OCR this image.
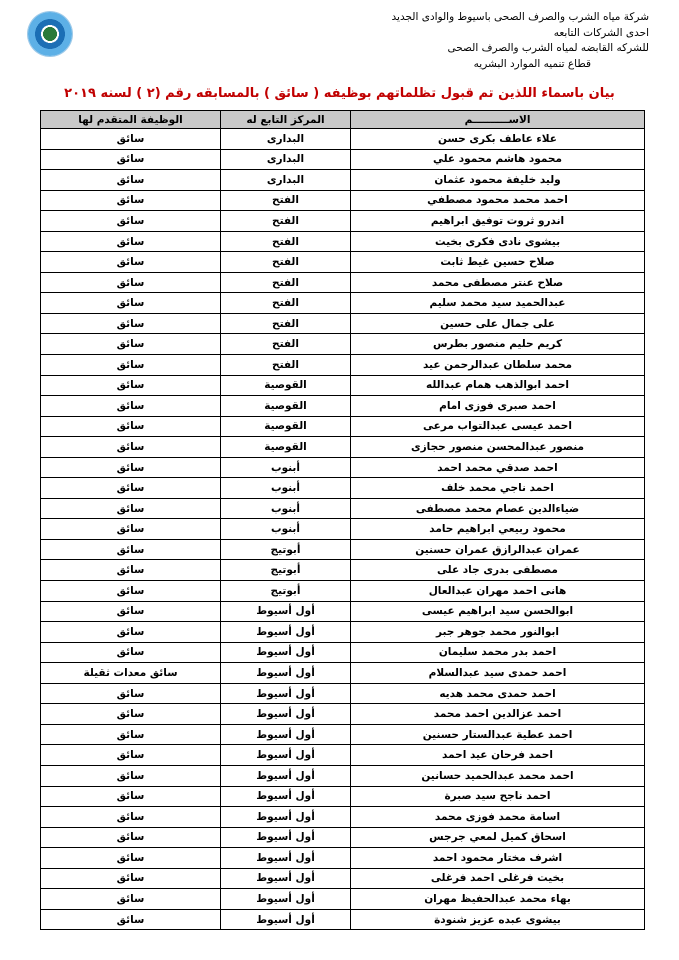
شركة مياه الشرب والصرف الصحى باسيوط والوادى الجديد
احدى الشركات التابعه
للشركه القابضه لمياه الشرب والصرف الصحى
قطاع تنميه الموارد البشريه
بيان باسماء اللذين تم قبول تظلماتهم بوظيفه ( سائق ) بالمسابقه رقم (٢ ) لسنه ٢٠١٩
الاســــــــــم	المركز التابع له	الوظيفة المتقدم لها
علاء عاطف بكرى حسن	البدارى	سائق
محمود هاشم محمود علي	البدارى	سائق
وليد خليفة محمود عثمان	البدارى	سائق
احمد محمد محمود مصطفي	الفتح	سائق
اندرو ثروت توفيق ابراهيم	الفتح	سائق
بيشوى نادى فكرى بخيت	الفتح	سائق
صلاح حسين غيط ثابت	الفتح	سائق
صلاح عنتر مصطفى محمد	الفتح	سائق
عبدالحميد سيد محمد سليم	الفتح	سائق
على جمال على حسين	الفتح	سائق
كريم حليم منصور بطرس	الفتح	سائق
محمد سلطان عبدالرحمن عيد	الفتح	سائق
احمد ابوالذهب همام عبدالله	القوصية	سائق
احمد صبرى فوزى امام	القوصية	سائق
احمد عيسى عبدالتواب مرعى	القوصية	سائق
منصور عبدالمحسن منصور حجازى	القوصية	سائق
احمد صدقي محمد احمد	أبنوب	سائق
احمد ناجي محمد خلف	أبنوب	سائق
ضياءالدين عصام محمد مصطفى	أبنوب	سائق
محمود ربيعي ابراهيم حامد	أبنوب	سائق
عمران عبدالرازق عمران حسنين	أبوتيج	سائق
مصطفى بدرى جاد على	أبوتيج	سائق
هانى احمد مهران عبدالعال	أبوتيج	سائق
ابوالحسن سيد ابراهيم عيسى	أول أسيوط	سائق
ابوالنور محمد جوهر جبر	أول أسيوط	سائق
احمد بدر محمد سليمان	أول أسيوط	سائق
احمد حمدى سيد عبدالسلام	أول أسيوط	سائق معدات ثقيلة
احمد حمدى محمد هديه	أول أسيوط	سائق
احمد عزالدين احمد محمد	أول أسيوط	سائق
احمد عطية عبدالستار حسنين	أول أسيوط	سائق
احمد فرحان عيد احمد	أول أسيوط	سائق
احمد محمد عبدالحميد حسانين	أول أسيوط	سائق
احمد ناجح سيد صبرة	أول أسيوط	سائق
اسامة محمد فوزى محمد	أول أسيوط	سائق
اسحاق كميل لمعي جرجس	أول أسيوط	سائق
اشرف مختار محمود احمد	أول أسيوط	سائق
بخيت فرغلى احمد فرغلى	أول أسيوط	سائق
بهاء محمد عبدالحفيظ مهران	أول أسيوط	سائق
بيشوى عبده عزيز شنودة	أول أسيوط	سائق
